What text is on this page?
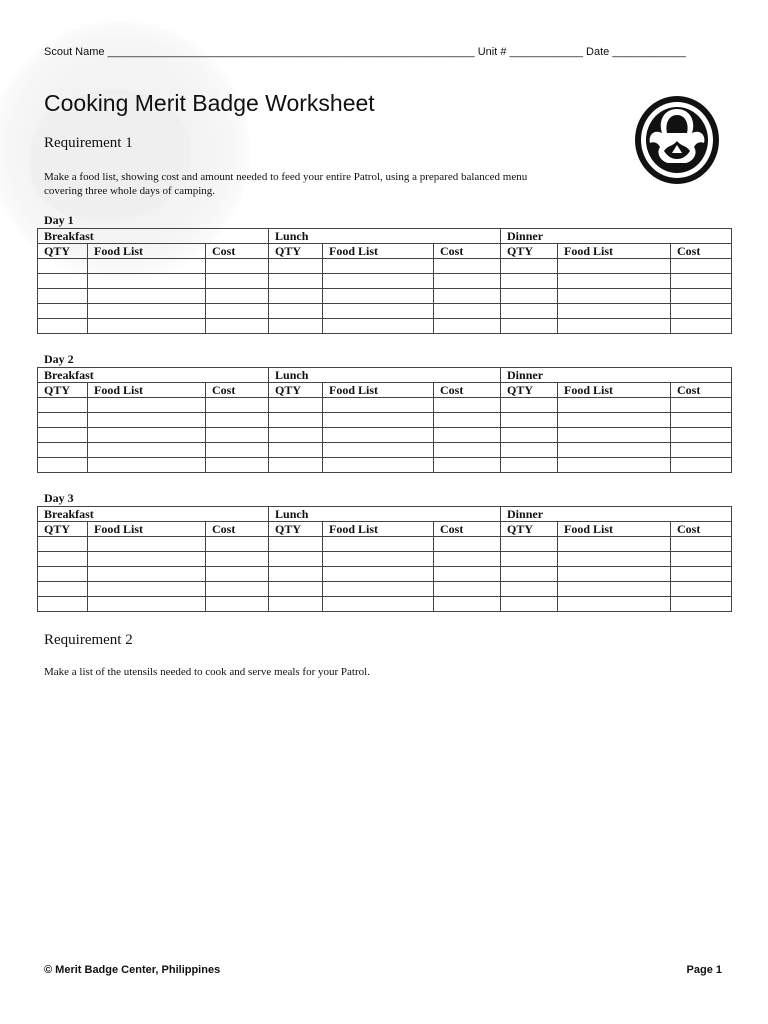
Scout Name ____________________________________________________________ Unit # ____________ Date ____________
Cooking Merit Badge Worksheet
Requirement 1

Make a food list, showing cost and amount needed to feed your entire Patrol, using a prepared balanced menu
covering three whole days of camping.

Day 1
Breakfast			Lunch			Dinner		
QTY	Food List	Cost	QTY	Food List	Cost	QTY	Food List	Cost

Day 2
Breakfast			Lunch			Dinner		
QTY	Food List	Cost	QTY	Food List	Cost	QTY	Food List	Cost

Day 3
Breakfast			Lunch			Dinner		
QTY	Food List	Cost	QTY	Food List	Cost	QTY	Food List	Cost

Requirement 2

Make a list of the utensils needed to cook and serve meals for your Patrol.

© Merit Badge Center, Philippines	Page 1
